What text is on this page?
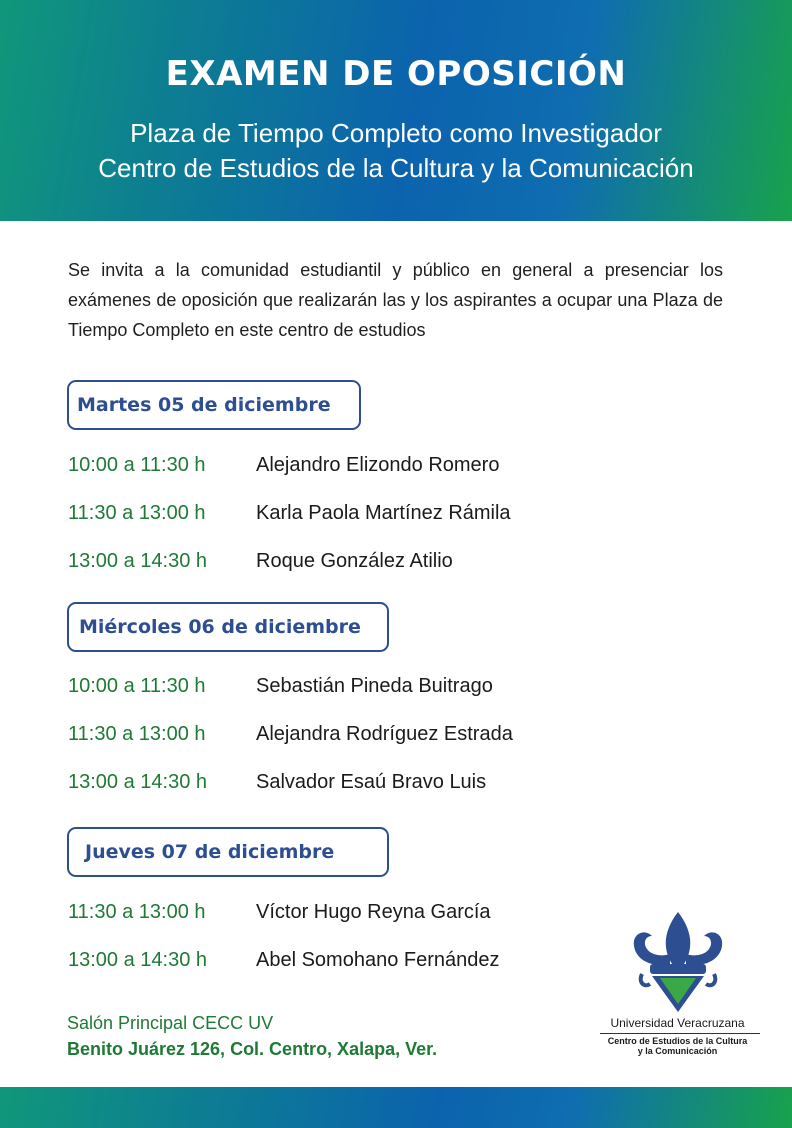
EXAMEN DE OPOSICIÓN

Plaza de Tiempo Completo como Investigador

Centro de Estudios de la Cultura y la Comunicación

Se invita a la comunidad estudiantil y público en general a presenciar los exámenes de oposición que realizarán las y los aspirantes a ocupar una Plaza de Tiempo Completo en este centro de estudios

Martes 05 de diciembre
10:00 a 11:30 h	Alejandro Elizondo Romero
11:30 a 13:00 h	Karla Paola Martínez Rámila
13:00 a 14:30 h Roque González Atilio
Miércoles 06 de diciembre
10:00 a 11:30 h	Sebastián Pineda Buitrago
11:30 a 13:00 h	Alejandra Rodríguez Estrada
13:00 a 14:30 h Salvador Esaú Bravo Luis
Jueves 07 de diciembre
11:30 a 13:00 h	Víctor Hugo Reyna García
13:00 a 14:30 h Abel Somohano Fernández
Salón Principal CECC UV
Benito Juárez 126, Col. Centro, Xalapa, Ver.
Universidad Veracruzana
Centro de Estudios de la Cultura
y la Comunicación
